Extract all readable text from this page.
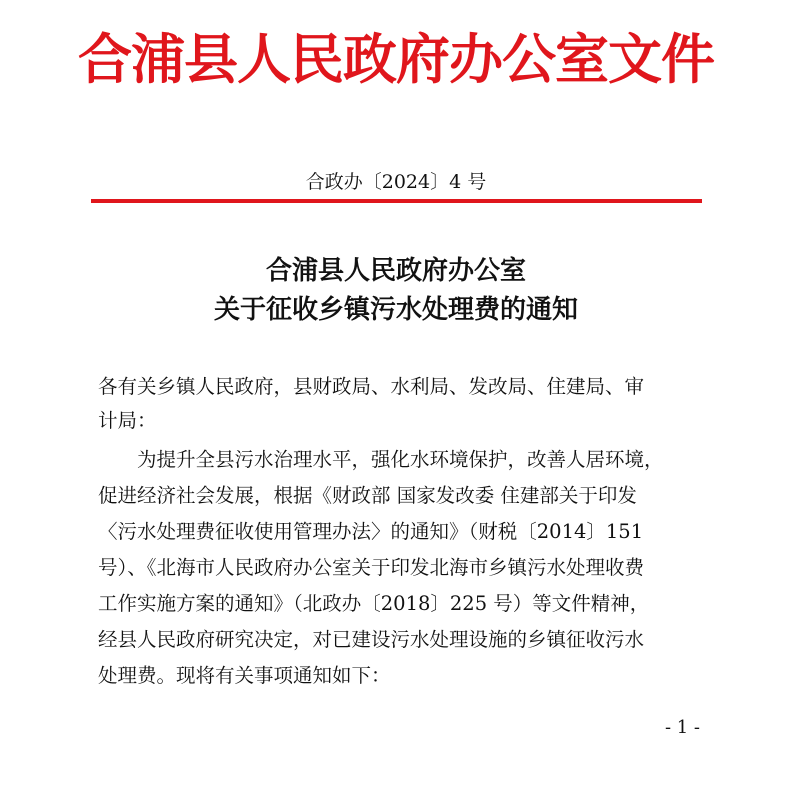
合浦县人民政府办公室文件
合政办〔2024〕4 号
合浦县人民政府办公室
关于征收乡镇污水处理费的通知
各有关乡镇人民政府，县财政局、水利局、发改局、住建局、审
计局：
为提升全县污水治理水平，强化水环境保护，改善人居环境，
促进经济社会发展，根据《财政部 国家发改委 住建部关于印发
〈污水处理费征收使用管理办法〉的通知》（财税〔2014〕151
号）、《北海市人民政府办公室关于印发北海市乡镇污水处理收费
工作实施方案的通知》（北政办〔2018〕225 号）等文件精神，
经县人民政府研究决定，对已建设污水处理设施的乡镇征收污水
处理费。现将有关事项通知如下：
- 1 -
